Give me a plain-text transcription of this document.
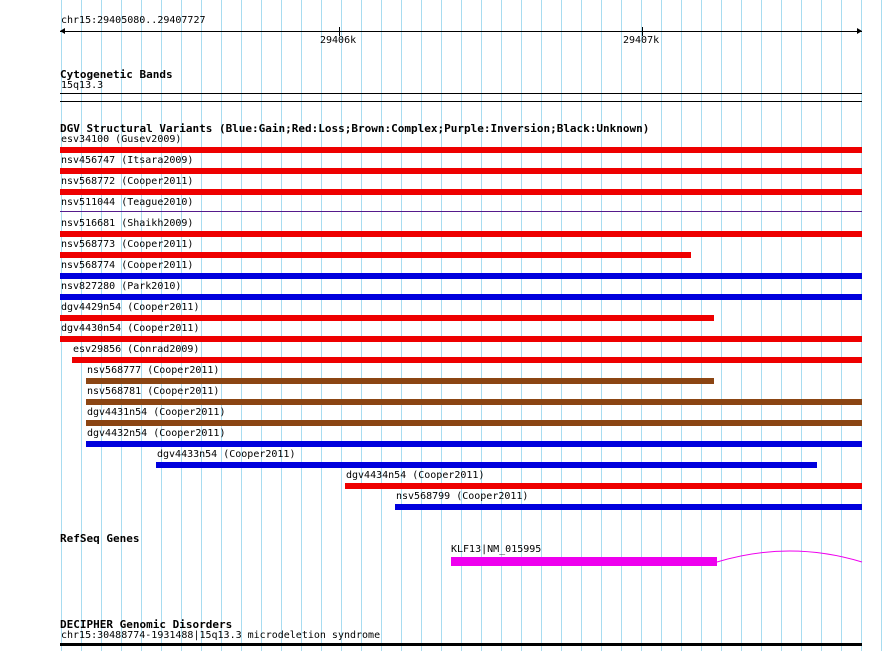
chr15:29405080..29407727
29406k	29407k
Cytogenetic Bands
15q13.3
DGV Structural Variants (Blue:Gain;Red:Loss;Brown:Complex;Purple:Inversion;Black:Unknown)
esv34100 (Gusev2009)
nsv456747 (Itsara2009)
nsv568772 (Cooper2011)
nsv511044 (Teague2010)
nsv516681 (Shaikh2009)
nsv568773 (Cooper2011)
nsv568774 (Cooper2011)
nsv827280 (Park2010)
dgv4429n54 (Cooper2011)
dgv4430n54 (Cooper2011)
esv29856 (Conrad2009)
nsv568777 (Cooper2011)
nsv568781 (Cooper2011)
dgv4431n54 (Cooper2011)
dgv4432n54 (Cooper2011)
dgv4433n54 (Cooper2011)
dgv4434n54 (Cooper2011)
nsv568799 (Cooper2011)
RefSeq Genes
KLF13|NM_015995
DECIPHER Genomic Disorders
chr15:30488774-1931488|15q13.3 microdeletion syndrome
